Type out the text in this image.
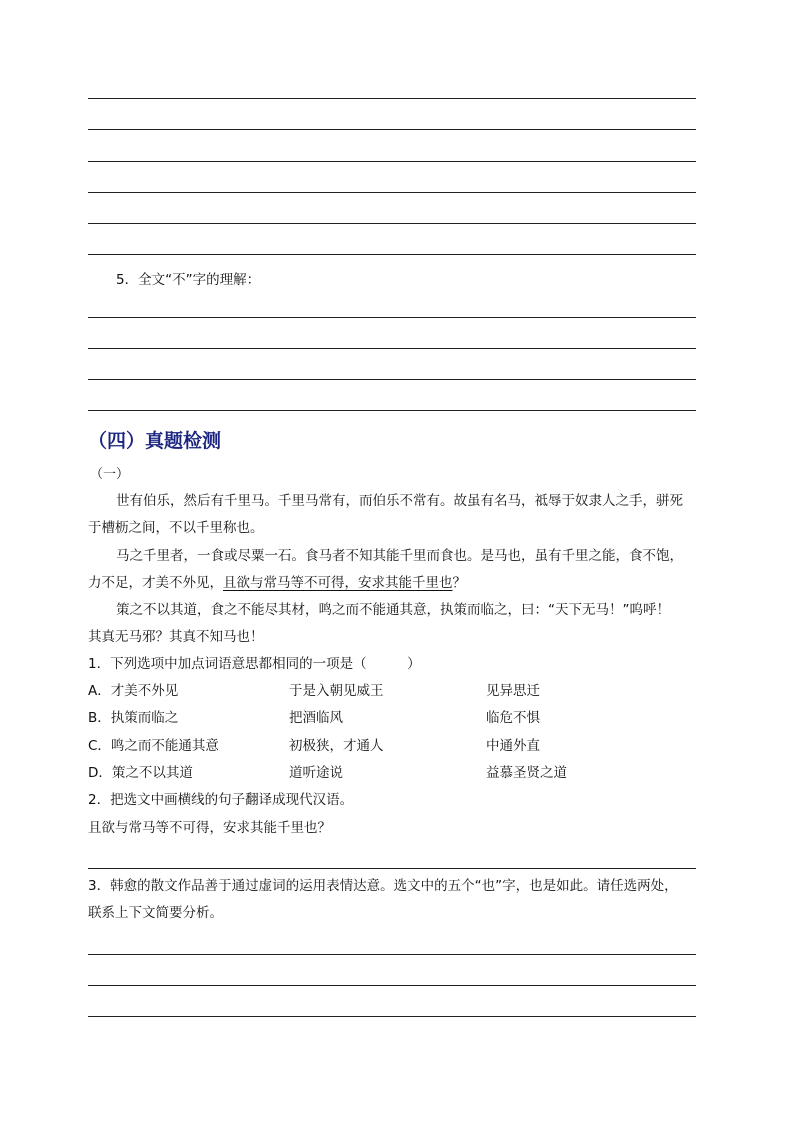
5．全文“不”字的理解：
（四）真题检测
（一）
世有伯乐，然后有千里马。千里马常有，而伯乐不常有。故虽有名马，祗辱于奴隶人之手，骈死
于槽枥之间，不以千里称也。
马之千里者，一食或尽粟一石。食马者不知其能千里而食也。是马也，虽有千里之能，食不饱，
力不足，才美不外见，且欲与常马等不可得，安求其能千里也？
策之不以其道，食之不能尽其材，鸣之而不能通其意，执策而临之，曰：“天下无马！”呜呼！
其真无马邪？其真不知马也！
1．下列选项中加点词语意思都相同的一项是（　　　）
A．才美不外见	于是入朝见威王	见异思迁
B．执策而临之	把酒临风	临危不惧
C．鸣之而不能通其意	初极狭，才通人	中通外直
D．策之不以其道	道听途说	益慕圣贤之道
2．把选文中画横线的句子翻译成现代汉语。
且欲与常马等不可得，安求其能千里也？
3．韩愈的散文作品善于通过虚词的运用表情达意。选文中的五个“也”字，也是如此。请任选两处，
联系上下文简要分析。
